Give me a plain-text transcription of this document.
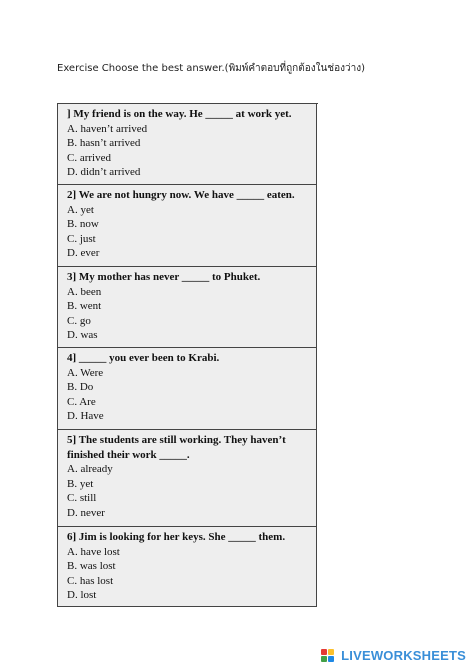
Exercise Choose the best answer.(พิมพ์คำตอบที่ถูกต้องในช่องว่าง)
] My friend is on the way. He _____ at work yet.
A. haven’t arrived
B. hasn’t arrived
C. arrived
D. didn’t arrived
2] We are not hungry now. We have _____ eaten.
A. yet
B. now
C. just
D. ever
3] My mother has never _____ to Phuket.
A. been
B. went
C. go
D. was
4] _____ you ever been to Krabi.
A. Were
B. Do
C. Are
D. Have
5] The students are still working. They haven’t finished their work _____.
A. already
B. yet
C. still
D. never
6] Jim is looking for her keys. She _____ them.
A. have lost
B. was lost
C. has lost
D. lost
LIVEWORKSHEETS
